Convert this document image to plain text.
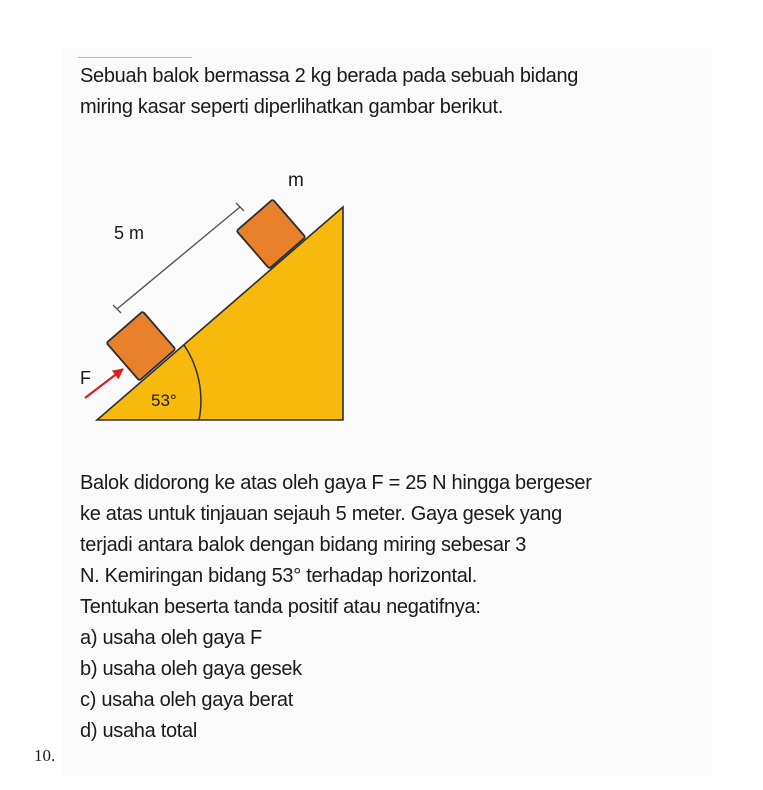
Sebuah balok bermassa 2 kg berada pada sebuah bidang

miring kasar seperti diperlihatkan gambar berikut.

m
5 m
F
53°

Balok didorong ke atas oleh gaya F = 25 N hingga bergeser

ke atas untuk tinjauan sejauh 5 meter. Gaya gesek yang

terjadi antara balok dengan bidang miring sebesar 3

N. Kemiringan bidang 53° terhadap horizontal.

Tentukan beserta tanda positif atau negatifnya:

a) usaha oleh gaya F

b) usaha oleh gaya gesek

c) usaha oleh gaya berat

d) usaha total

10.
